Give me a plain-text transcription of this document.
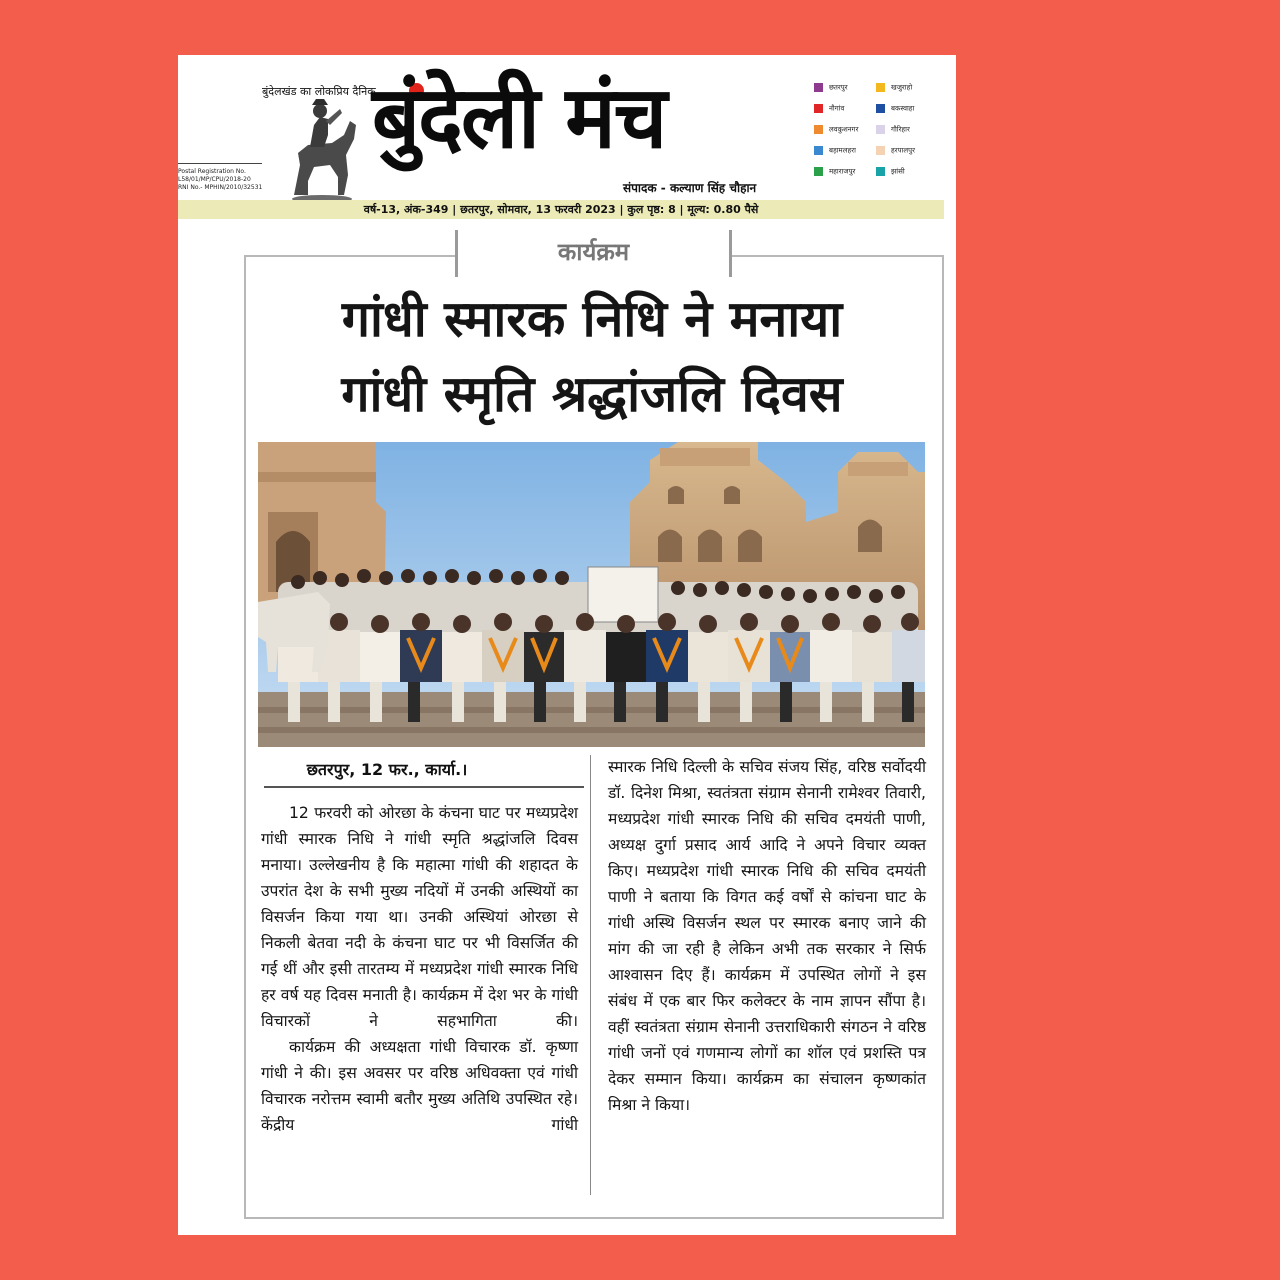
बुंदेलखंड का लोकप्रिय दैनिक
बुंदेली मंच
संपादक - कल्याण सिंह चौहान
Postal Registration No.
L58/01/MP/CPU/2018-20
RNI No.- MPHIN/2010/32531
छतरपुर	खजुराहो
नौगांव	बकस्वाहा
लवकुशनगर	गौरिहार
बड़ामलहरा	हरपालपुर
महाराजपुर	झांसी
वर्ष-13, अंक-349 | छतरपुर, सोमवार, 13 फरवरी 2023 | कुल पृष्ठ: 8 | मूल्य: 0.80 पैसे
कार्यक्रम
गांधी स्मारक निधि ने मनाया
गांधी स्मृति श्रद्धांजलि दिवस
छतरपुर, 12 फर., कार्या.।

12 फरवरी को ओरछा के कंचना घाट पर मध्यप्रदेश गांधी स्मारक निधि ने गांधी स्मृति श्रद्धांजलि दिवस मनाया। उल्लेखनीय है कि महात्मा गांधी की शहादत के उपरांत देश के सभी मुख्य नदियों में उनकी अस्थियों का विसर्जन किया गया था। उनकी अस्थियां ओरछा से निकली बेतवा नदी के कंचना घाट पर भी विसर्जित की गई थीं और इसी तारतम्य में मध्यप्रदेश गांधी स्मारक निधि हर वर्ष यह दिवस मनाती है। कार्यक्रम में देश भर के गांधी विचारकों ने सहभागिता की।

कार्यक्रम की अध्यक्षता गांधी विचारक डॉ. कृष्णा गांधी ने की। इस अवसर पर वरिष्ठ अधिवक्ता एवं गांधी विचारक नरोत्तम स्वामी बतौर मुख्य अतिथि उपस्थित रहे। केंद्रीय गांधी

स्मारक निधि दिल्ली के सचिव संजय सिंह, वरिष्ठ सर्वोदयी डॉ. दिनेश मिश्रा, स्वतंत्रता संग्राम सेनानी रामेश्वर तिवारी, मध्यप्रदेश गांधी स्मारक निधि की सचिव दमयंती पाणी, अध्यक्ष दुर्गा प्रसाद आर्य आदि ने अपने विचार व्यक्त किए। मध्यप्रदेश गांधी स्मारक निधि की सचिव दमयंती पाणी ने बताया कि विगत कई वर्षों से कांचना घाट के गांधी अस्थि विसर्जन स्थल पर स्मारक बनाए जाने की मांग की जा रही है लेकिन अभी तक सरकार ने सिर्फ आश्वासन दिए हैं। कार्यक्रम में उपस्थित लोगों ने इस संबंध में एक बार फिर कलेक्टर के नाम ज्ञापन सौंपा है। वहीं स्वतंत्रता संग्राम सेनानी उत्तराधिकारी संगठन ने वरिष्ठ गांधी जनों एवं गणमान्य लोगों का शॉल एवं प्रशस्ति पत्र देकर सम्मान किया। कार्यक्रम का संचालन कृष्णकांत मिश्रा ने किया।
